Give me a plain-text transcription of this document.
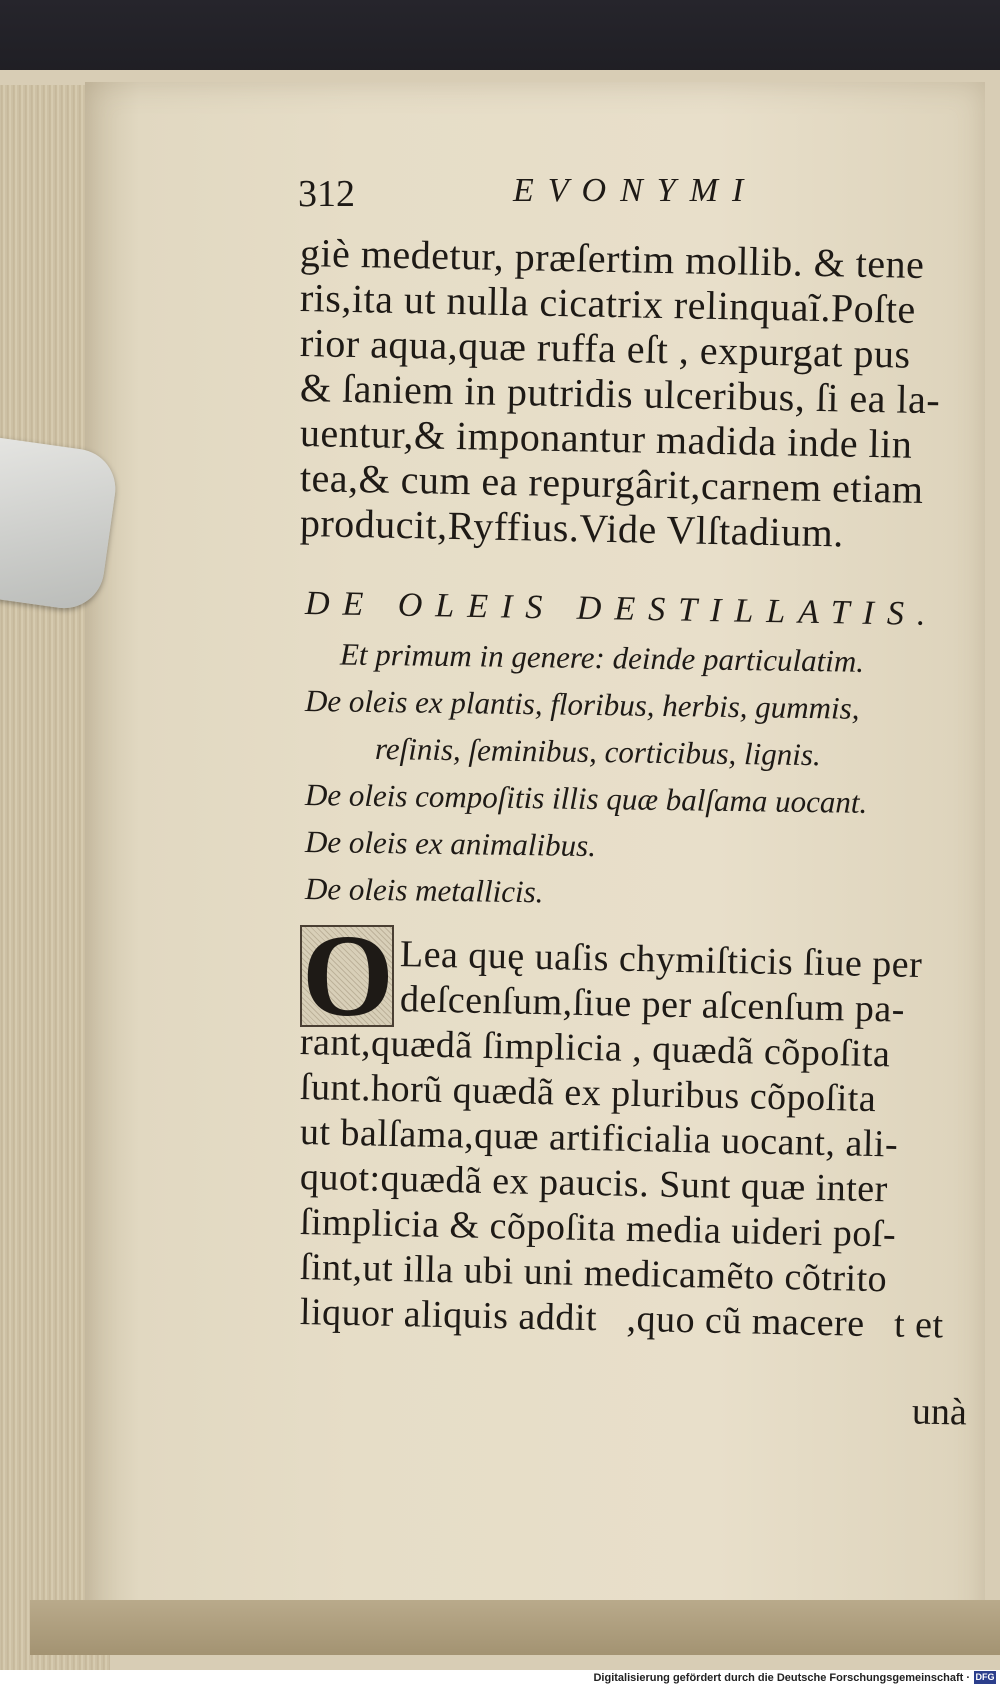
312	EVONYMI
giè medetur, præſertim mollib. & tene
ris,ita ut nulla cicatrix relinquaĩ.Poſte
rior aqua,quæ ruffa eſt , expurgat pus
& ſaniem in putridis ulceribus, ſi ea la-
uentur,& imponantur madida inde lin
tea,& cum ea repurgârit,carnem etiam
producit,Ryffius.Vide Vlſtadium.
DE OLEIS DESTILLATIS.
Et primum in genere: deinde particulatim.
De oleis ex plantis, floribus, herbis, gummis,
reſinis, ſeminibus, corticibus, lignis.
De oleis compoſitis illis quæ balſama uocant.
De oleis ex animalibus.
De oleis metallicis.
O Lea quę uaſis chymiſticis ſiue per
deſcenſum,ſiue per aſcenſum pa-
rant,quædã ſimplicia , quædã cõpoſita
ſunt.horũ quædã ex pluribus cõpoſita
ut balſama,quæ artificialia uocant, ali-
quot:quædã ex paucis. Sunt quæ inter
ſimplicia & cõpoſita media uideri poſ-
ſint,ut illa ubi uni medicamẽto cõtrito
liquor aliquis additᷓ,quo cũ macereᷓt et
unà
Digitalisierung gefördert durch die Deutsche Forschungsgemeinschaft · DFG
